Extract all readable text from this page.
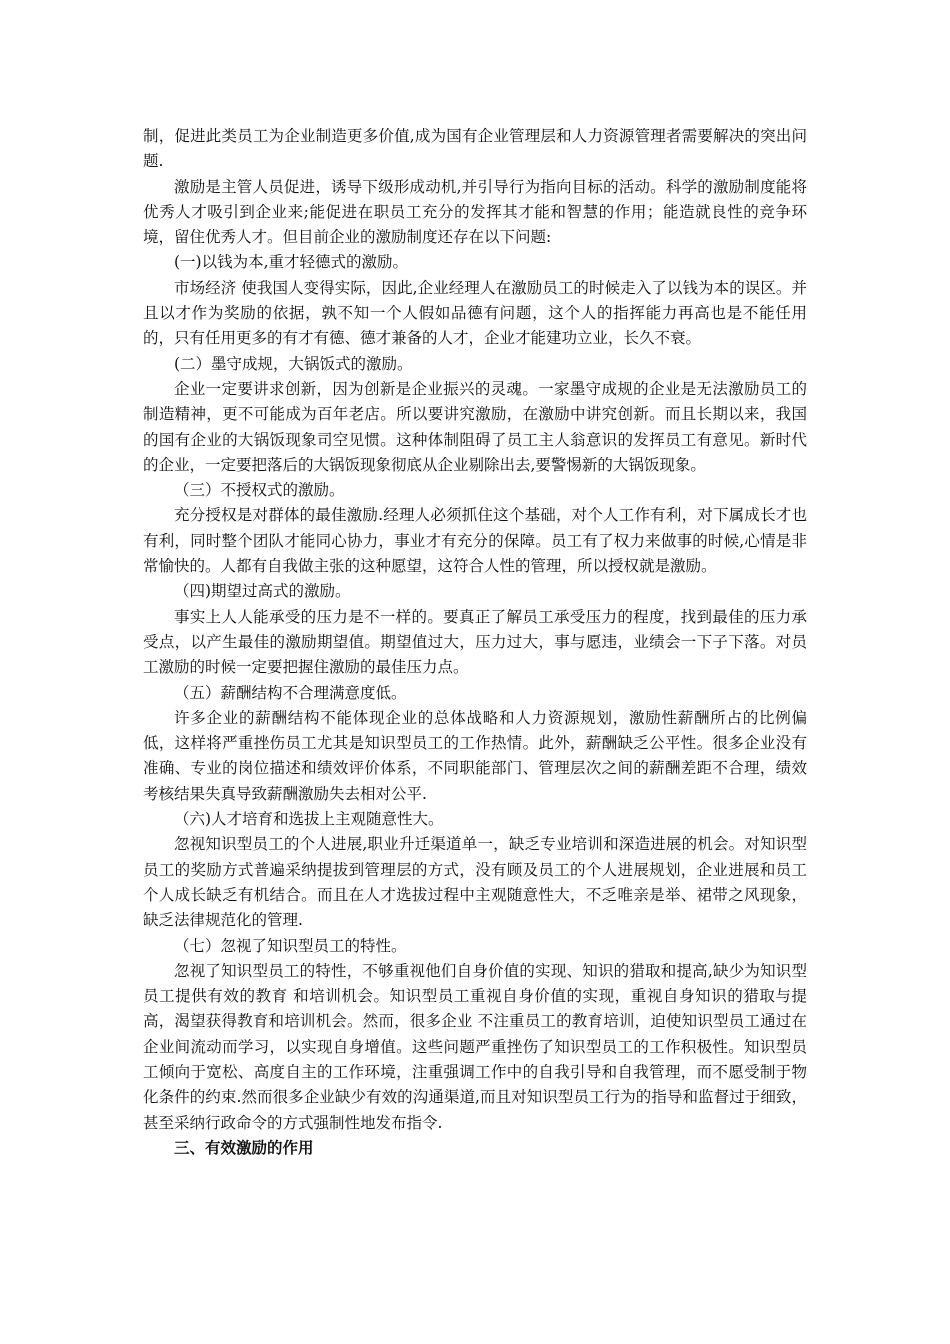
制，促进此类员工为企业制造更多价值,成为国有企业管理层和人力资源管理者需要解决的突出问题.

激励是主管人员促进，诱导下级形成动机,并引导行为指向目标的活动。科学的激励制度能将优秀人才吸引到企业来;能促进在职员工充分的发挥其才能和智慧的作用；能造就良性的竞争环境，留住优秀人才。但目前企业的激励制度还存在以下问题:

(一)以钱为本,重才轻德式的激励。

市场经济 使我国人变得实际，因此,企业经理人在激励员工的时候走入了以钱为本的误区。并且以才作为奖励的依据，孰不知一个人假如品德有问题，这个人的指挥能力再高也是不能任用的，只有任用更多的有才有德、德才兼备的人才，企业才能建功立业，长久不衰。

(二）墨守成规，大锅饭式的激励。

企业一定要讲求创新，因为创新是企业振兴的灵魂。一家墨守成规的企业是无法激励员工的制造精神，更不可能成为百年老店。所以要讲究激励，在激励中讲究创新。而且长期以来，我国的国有企业的大锅饭现象司空见惯。这种体制阻碍了员工主人翁意识的发挥员工有意见。新时代的企业，一定要把落后的大锅饭现象彻底从企业剔除出去,要警惕新的大锅饭现象。

（三）不授权式的激励。

充分授权是对群体的最佳激励.经理人必须抓住这个基础，对个人工作有利，对下属成长才也有利，同时整个团队才能同心协力，事业才有充分的保障。员工有了权力来做事的时候,心情是非常愉快的。人都有自我做主张的这种愿望，这符合人性的管理，所以授权就是激励。

（四)期望过高式的激励。

事实上人人能承受的压力是不一样的。要真正了解员工承受压力的程度，找到最佳的压力承受点，以产生最佳的激励期望值。期望值过大，压力过大，事与愿违，业绩会一下子下落。对员工激励的时候一定要把握住激励的最佳压力点。

（五）薪酬结构不合理满意度低。

许多企业的薪酬结构不能体现企业的总体战略和人力资源规划，激励性薪酬所占的比例偏低，这样将严重挫伤员工尤其是知识型员工的工作热情。此外，薪酬缺乏公平性。很多企业没有准确、专业的岗位描述和绩效评价体系，不同职能部门、管理层次之间的薪酬差距不合理，绩效考核结果失真导致薪酬激励失去相对公平.

（六)人才培育和选拔上主观随意性大。

忽视知识型员工的个人进展,职业升迁渠道单一，缺乏专业培训和深造进展的机会。对知识型员工的奖励方式普遍采纳提拔到管理层的方式，没有顾及员工的个人进展规划，企业进展和员工个人成长缺乏有机结合。而且在人才选拔过程中主观随意性大，不乏唯亲是举、裙带之风现象，缺乏法律规范化的管理.

（七）忽视了知识型员工的特性。

忽视了知识型员工的特性，不够重视他们自身价值的实现、知识的猎取和提高,缺少为知识型员工提供有效的教育 和培训机会。知识型员工重视自身价值的实现，重视自身知识的猎取与提高，渴望获得教育和培训机会。然而，很多企业 不注重员工的教育培训，迫使知识型员工通过在企业间流动而学习，以实现自身增值。这些问题严重挫伤了知识型员工的工作积极性。知识型员工倾向于宽松、高度自主的工作环境，注重强调工作中的自我引导和自我管理，而不愿受制于物化条件的约束.然而很多企业缺少有效的沟通渠道,而且对知识型员工行为的指导和监督过于细致，甚至采纳行政命令的方式强制性地发布指令.

三、有效激励的作用
